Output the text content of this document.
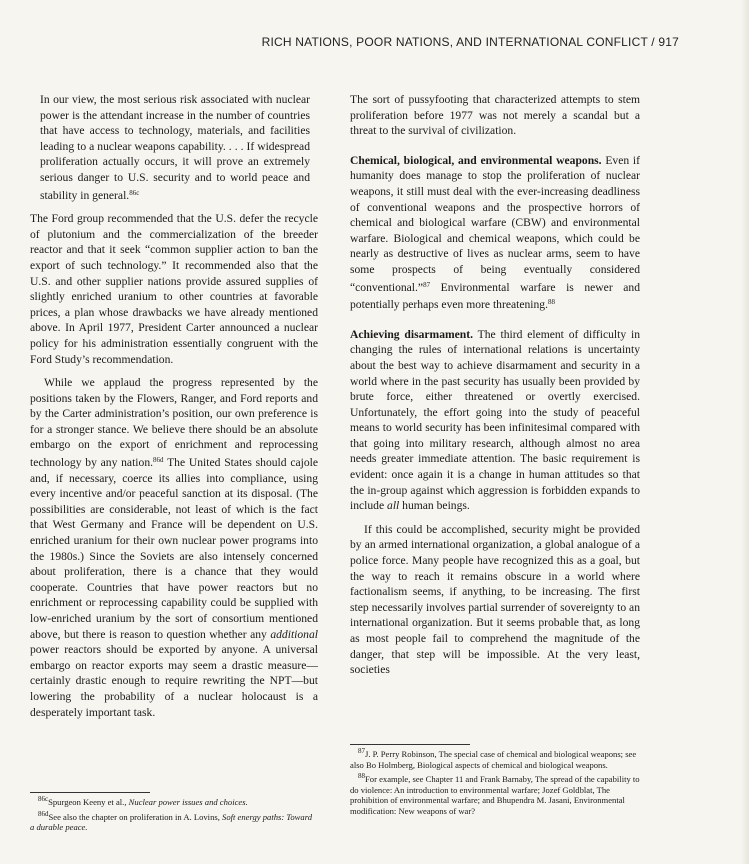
RICH NATIONS, POOR NATIONS, AND INTERNATIONAL CONFLICT / 917

In our view, the most serious risk associated with nuclear power is the attendant increase in the number of countries that have access to technology, materials, and facilities leading to a nuclear weapons capability. . . . If widespread proliferation actually occurs, it will prove an extremely serious danger to U.S. security and to world peace and stability in general.$^{86c}$

The Ford group recommended that the U.S. defer the recycle of plutonium and the commercialization of the breeder reactor and that it seek “common supplier action to ban the export of such technology.” It recommended also that the U.S. and other supplier nations provide assured supplies of slightly enriched uranium to other countries at favorable prices, a plan whose drawbacks we have already mentioned above. In April 1977, President Carter announced a nuclear policy for his administration essentially congruent with the Ford Study’s recommendation.

While we applaud the progress represented by the positions taken by the Flowers, Ranger, and Ford reports and by the Carter administration’s position, our own preference is for a stronger stance. We believe there should be an absolute embargo on the export of enrichment and reprocessing technology by any nation.$^{86d}$ The United States should cajole and, if necessary, coerce its allies into compliance, using every incentive and/or peaceful sanction at its disposal. (The possibilities are considerable, not least of which is the fact that West Germany and France will be dependent on U.S. enriched uranium for their own nuclear power programs into the 1980s.) Since the Soviets are also intensely concerned about proliferation, there is a chance that they would cooperate. Countries that have power reactors but no enrichment or reprocessing capability could be supplied with low-enriched uranium by the sort of consortium mentioned above, but there is reason to question whether any additional power reactors should be exported by anyone. A universal embargo on reactor exports may seem a drastic measure—certainly drastic enough to require rewriting the NPT—but lowering the probability of a nuclear holocaust is a desperately important task.

The sort of pussyfooting that characterized attempts to stem proliferation before 1977 was not merely a scandal but a threat to the survival of civilization.

Chemical, biological, and environmental weapons. Even if humanity does manage to stop the proliferation of nuclear weapons, it still must deal with the ever-increasing deadliness of conventional weapons and the prospective horrors of chemical and biological warfare (CBW) and environmental warfare. Biological and chemical weapons, which could be nearly as destructive of lives as nuclear arms, seem to have some prospects of being eventually considered “conventional.”$^{87}$ Environmental warfare is newer and potentially perhaps even more threatening.$^{88}$

Achieving disarmament. The third element of difficulty in changing the rules of international relations is uncertainty about the best way to achieve disarmament and security in a world where in the past security has usually been provided by brute force, either threatened or overtly exercised. Unfortunately, the effort going into the study of peaceful means to world security has been infinitesimal compared with that going into military research, although almost no area needs greater immediate attention. The basic requirement is evident: once again it is a change in human attitudes so that the in-group against which aggression is forbidden expands to include all human beings.

If this could be accomplished, security might be provided by an armed international organization, a global analogue of a police force. Many people have recognized this as a goal, but the way to reach it remains obscure in a world where factionalism seems, if anything, to be increasing. The first step necessarily involves partial surrender of sovereignty to an international organization. But it seems probable that, as long as most people fail to comprehend the magnitude of the danger, that step will be impossible. At the very least, societies

$^{86c}$Spurgeon Keeny et al., Nuclear power issues and choices.
$^{86d}$See also the chapter on proliferation in A. Lovins, Soft energy paths: Toward a durable peace.
$^{87}$J. P. Perry Robinson, The special case of chemical and biological weapons; see also Bo Holmberg, Biological aspects of chemical and biological weapons.
$^{88}$For example, see Chapter 11 and Frank Barnaby, The spread of the capability to do violence: An introduction to environmental warfare; Jozef Goldblat, The prohibition of environmental warfare; and Bhupendra M. Jasani, Environmental modification: New weapons of war?
